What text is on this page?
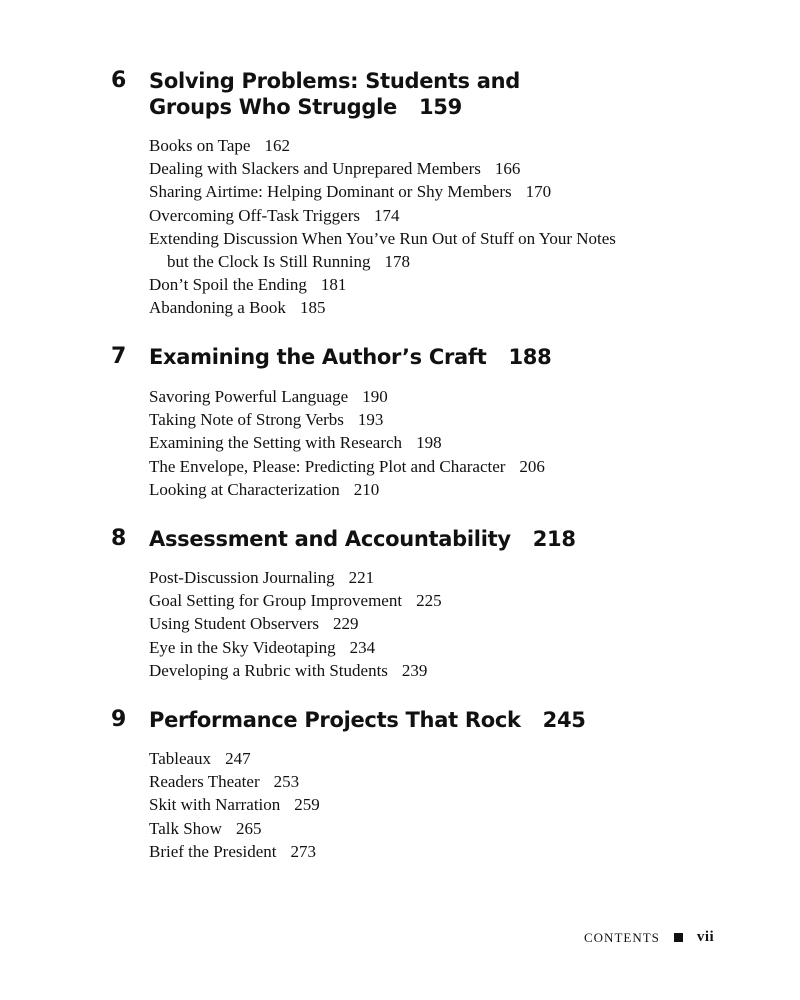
6 Solving Problems: Students and Groups Who Struggle 159
Books on Tape 162
Dealing with Slackers and Unprepared Members 166
Sharing Airtime: Helping Dominant or Shy Members 170
Overcoming Off-Task Triggers 174
Extending Discussion When You’ve Run Out of Stuff on Your Notes but the Clock Is Still Running 178
Don’t Spoil the Ending 181
Abandoning a Book 185
7 Examining the Author’s Craft 188
Savoring Powerful Language 190
Taking Note of Strong Verbs 193
Examining the Setting with Research 198
The Envelope, Please: Predicting Plot and Character 206
Looking at Characterization 210
8 Assessment and Accountability 218
Post-Discussion Journaling 221
Goal Setting for Group Improvement 225
Using Student Observers 229
Eye in the Sky Videotaping 234
Developing a Rubric with Students 239
9 Performance Projects That Rock 245
Tableaux 247
Readers Theater 253
Skit with Narration 259
Talk Show 265
Brief the President 273
CONTENTS vii
